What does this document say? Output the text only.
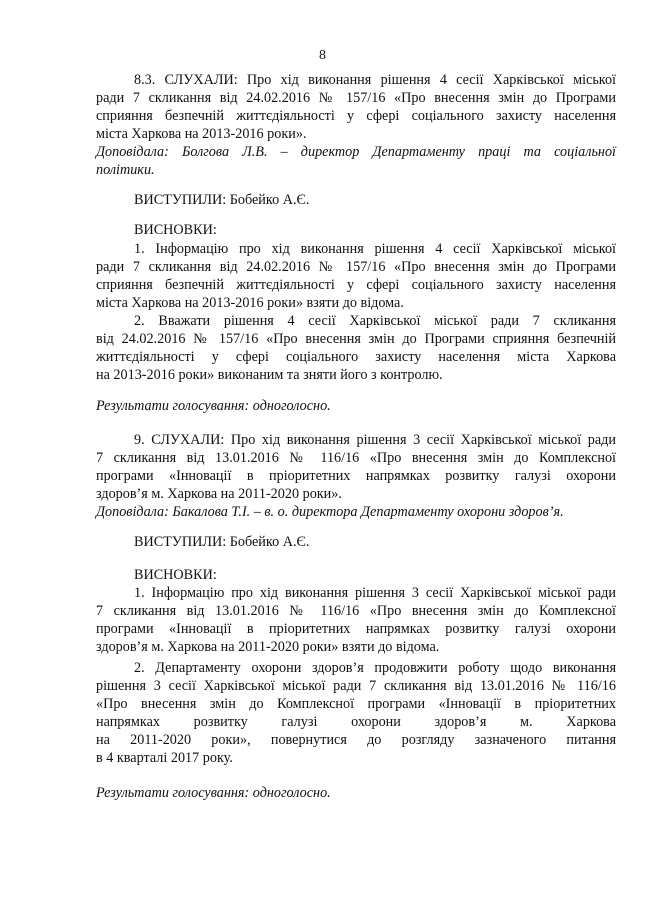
8
8.3. СЛУХАЛИ: Про хід виконання рішення 4 сесії Харківської міської
ради 7 скликання від 24.02.2016 № 157/16 «Про внесення змін до Програми
сприяння безпечній життєдіяльності у сфері соціального захисту населення
міста Харкова на 2013-2016 роки».
Доповідала: Болгова Л.В. – директор Департаменту праці та соціальної
політики.
ВИСТУПИЛИ: Бобейко А.Є.
ВИСНОВКИ:
1. Інформацію про хід виконання рішення 4 сесії Харківської міської
ради 7 скликання від 24.02.2016 № 157/16 «Про внесення змін до Програми
сприяння безпечній життєдіяльності у сфері соціального захисту населення
міста Харкова на 2013-2016 роки» взяти до відома.
2. Вважати рішення 4 сесії Харківської міської ради 7 скликання
від 24.02.2016 № 157/16 «Про внесення змін до Програми сприяння безпечній
життєдіяльності у сфері соціального захисту населення міста Харкова
на 2013-2016 роки» виконаним та зняти його з контролю.
Результати голосування: одноголосно.
9. СЛУХАЛИ: Про хід виконання рішення 3 сесії Харківської міської ради
7 скликання від 13.01.2016 № 116/16 «Про внесення змін до Комплексної
програми «Інновації в пріоритетних напрямках розвитку галузі охорони
здоров’я м. Харкова на 2011-2020 роки».
Доповідала: Бакалова Т.І. – в. о. директора Департаменту охорони здоров’я.
ВИСТУПИЛИ: Бобейко А.Є.
ВИСНОВКИ:
1. Інформацію про хід виконання рішення 3 сесії Харківської міської ради
7 скликання від 13.01.2016 № 116/16 «Про внесення змін до Комплексної
програми «Інновації в пріоритетних напрямках розвитку галузі охорони
здоров’я м. Харкова на 2011-2020 роки» взяти до відома.
2. Департаменту охорони здоров’я продовжити роботу щодо виконання
рішення 3 сесії Харківської міської ради 7 скликання від 13.01.2016 № 116/16
«Про внесення змін до Комплексної програми «Інновації в пріоритетних
напрямках розвитку галузі охорони здоров’я м. Харкова
на 2011-2020 роки», повернутися до розгляду зазначеного питання
в 4 кварталі 2017 року.
Результати голосування: одноголосно.
